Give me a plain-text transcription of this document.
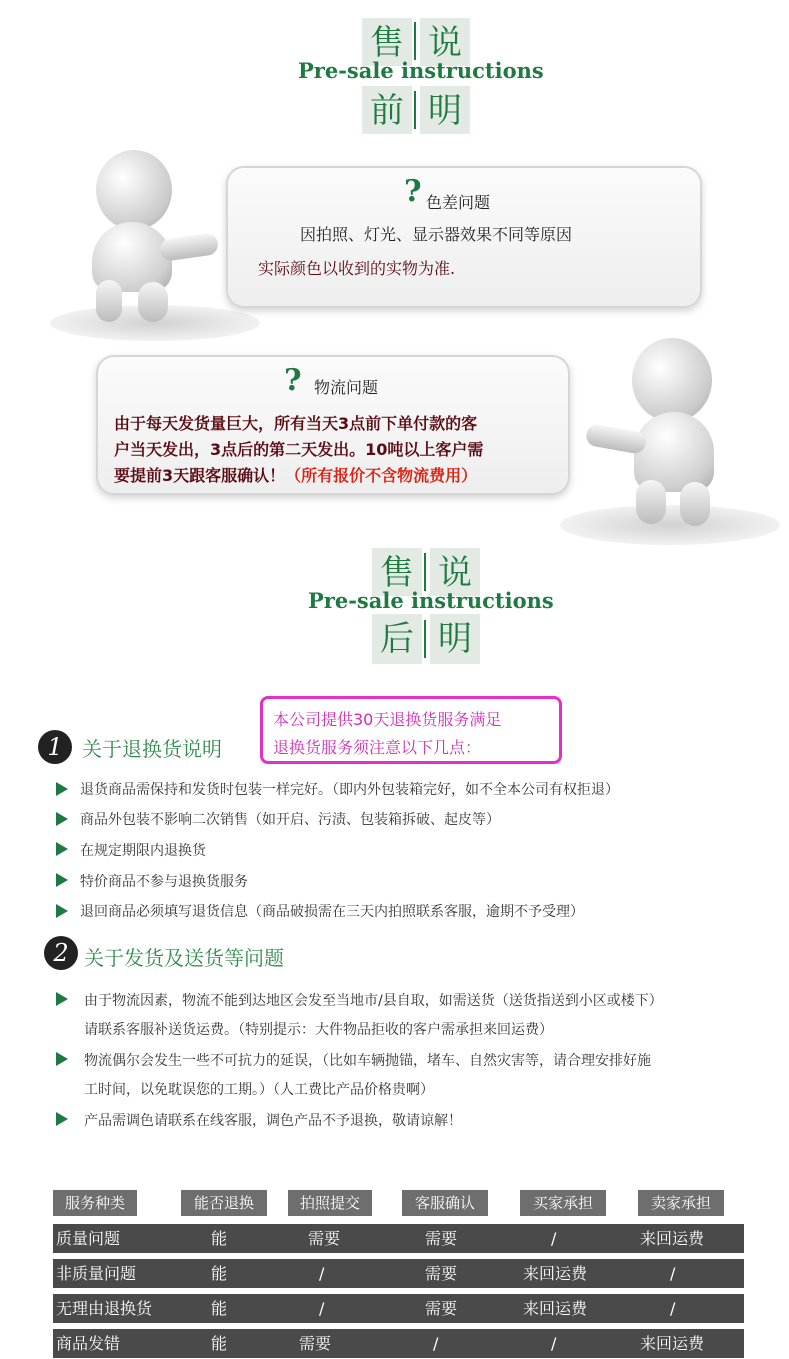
售 说
Pre-sale instructions
前 明
? 色差问题
因拍照、灯光、显示器效果不同等原因
实际颜色以收到的实物为准.
? 物流问题
由于每天发货量巨大，所有当天3点前下单付款的客
户当天发出，3点后的第二天发出。10吨以上客户需
要提前3天跟客服确认！（所有报价不含物流费用）
售 说
Pre-sale instructions
后 明
1 关于退换货说明
本公司提供30天退换货服务满足
退换货服务须注意以下几点：
退货商品需保持和发货时包装一样完好。（即内外包装箱完好，如不全本公司有权拒退）
商品外包装不影响二次销售（如开启、污渍、包装箱拆破、起皮等）
在规定期限内退换货
特价商品不参与退换货服务
退回商品必须填写退货信息（商品破损需在三天内拍照联系客服，逾期不予受理）
2 关于发货及送货等问题
由于物流因素，物流不能到达地区会发至当地市/县自取，如需送货（送货指送到小区或楼下）
请联系客服补送货运费。（特别提示：大件物品拒收的客户需承担来回运费）
物流偶尔会发生一些不可抗力的延误，（比如车辆抛锚，堵车、自然灾害等，请合理安排好施
工时间，以免耽误您的工期。）（人工费比产品价格贵啊）
产品需调色请联系在线客服，调色产品不予退换，敬请谅解！
服务种类	能否退换	拍照提交	客服确认	买家承担	卖家承担
质量问题	能	需要	需要	/	来回运费
非质量问题	能	/	需要	来回运费	/
无理由退换货	能	/	需要	来回运费	/
商品发错	能	需要	/	/	来回运费
